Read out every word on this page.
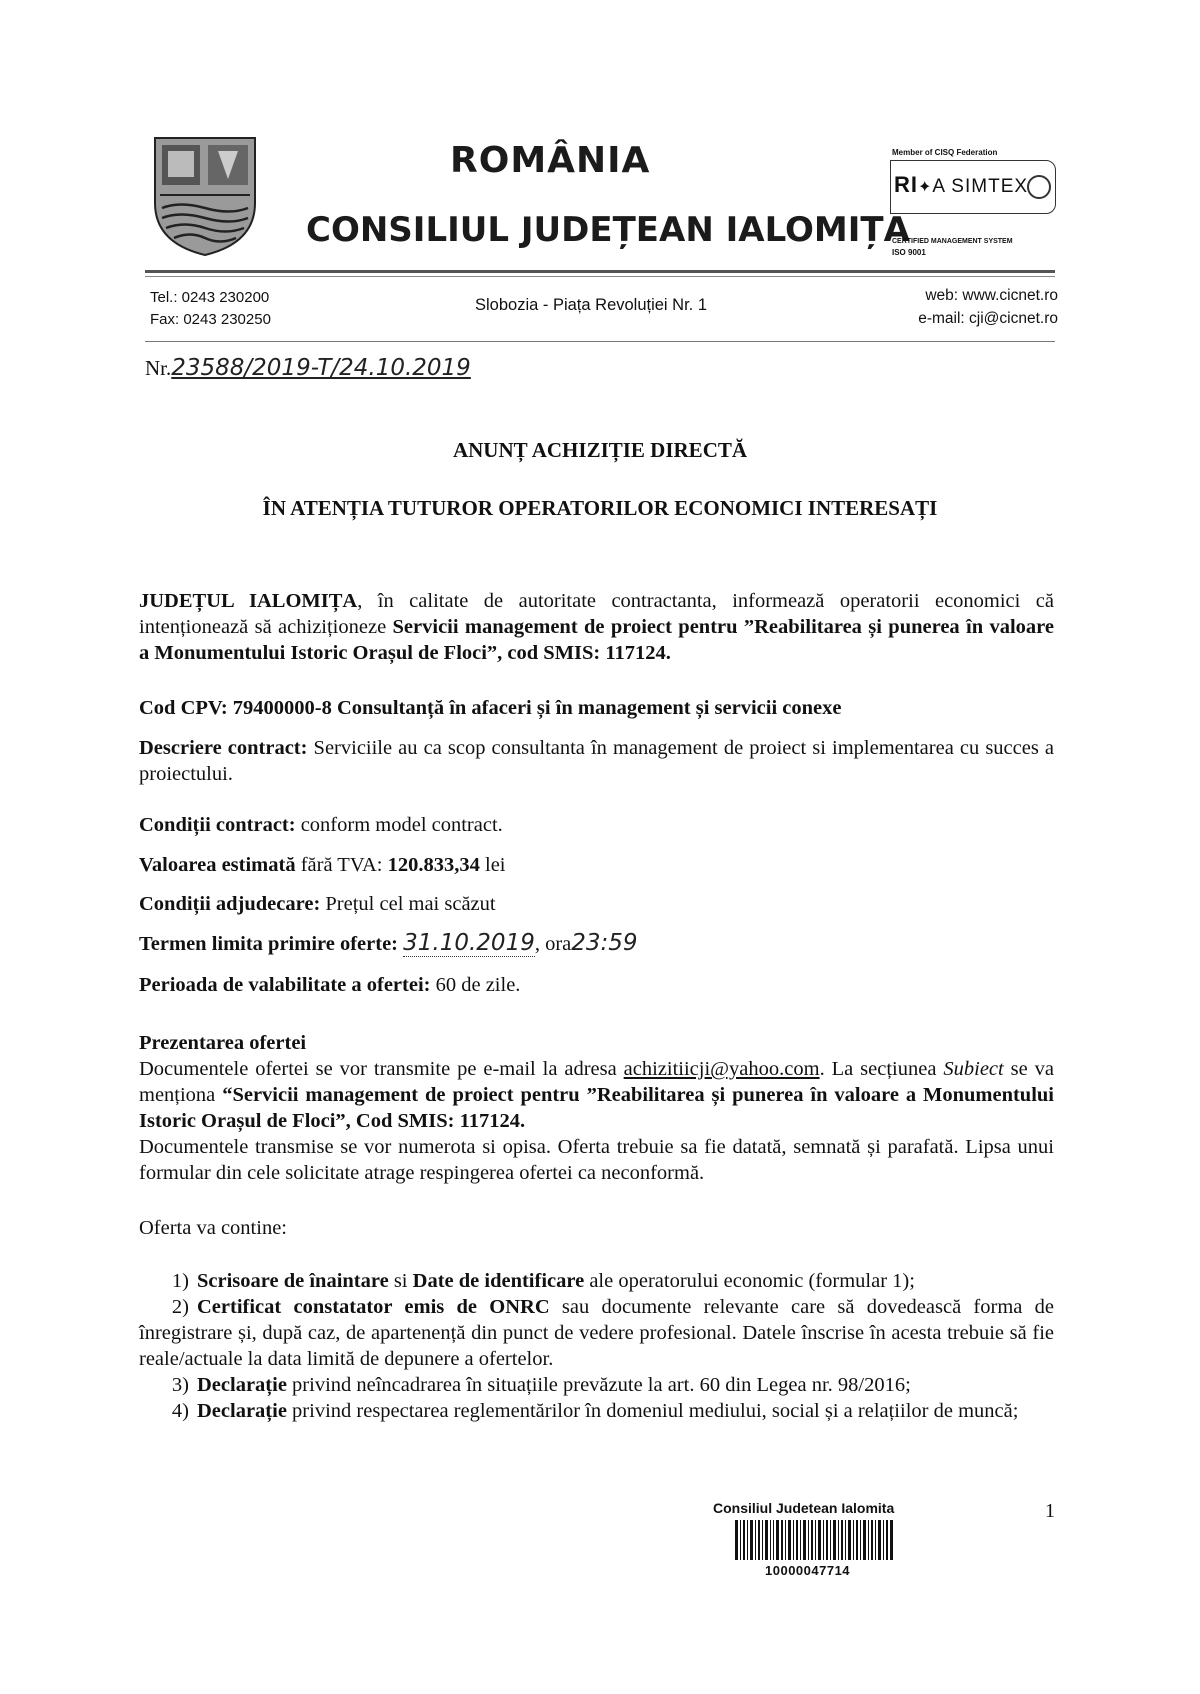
ROMÂNIA
CONSILIUL JUDEȚEAN IALOMIȚA
Member of CISQ Federation
RI✦A SIMTEX
CERTIFIED MANAGEMENT SYSTEM
ISO 9001
Tel.: 0243 230200
Fax: 0243 230250
Slobozia - Piața Revoluției Nr. 1
web: www.cicnet.ro
e-mail: cji@cicnet.ro
Nr.23588/2019-T/24.10.2019
ANUNȚ ACHIZIȚIE DIRECTĂ
ÎN ATENȚIA TUTUROR OPERATORILOR ECONOMICI INTERESAȚI
JUDEȚUL IALOMIȚA, în calitate de autoritate contractanta, informează operatorii economici că intenționează să achiziționeze Servicii management de proiect pentru ”Reabilitarea și punerea în valoare a Monumentului Istoric Orașul de Floci”, cod SMIS: 117124.
Cod CPV: 79400000-8 Consultanță în afaceri și în management și servicii conexe
Descriere contract: Serviciile au ca scop consultanta în management de proiect si implementarea cu succes a proiectului.
Condiții contract: conform model contract.
Valoarea estimată fără TVA: 120.833,34 lei
Condiții adjudecare: Prețul cel mai scăzut
Termen limita primire oferte: 31.10.2019, ora23:59
Perioada de valabilitate a ofertei: 60 de zile.
Prezentarea ofertei
Documentele ofertei se vor transmite pe e-mail la adresa achizitiicji@yahoo.com. La secțiunea Subiect se va menționa “Servicii management de proiect pentru ”Reabilitarea și punerea în valoare a Monumentului Istoric Orașul de Floci”, Cod SMIS: 117124.
Documentele transmise se vor numerota si opisa. Oferta trebuie sa fie datată, semnată și parafată. Lipsa unui formular din cele solicitate atrage respingerea ofertei ca neconformă.
Oferta va contine:
1) Scrisoare de înaintare si Date de identificare ale operatorului economic (formular 1);
2) Certificat constatator emis de ONRC sau documente relevante care să dovedească forma de înregistrare și, după caz, de apartenență din punct de vedere profesional. Datele înscrise în acesta trebuie să fie reale/actuale la data limită de depunere a ofertelor.
3) Declarație privind neîncadrarea în situațiile prevăzute la art. 60 din Legea nr. 98/2016;
4) Declarație privind respectarea reglementărilor în domeniul mediului, social și a relațiilor de muncă;
Consiliul Judetean Ialomita
10000047714
1
